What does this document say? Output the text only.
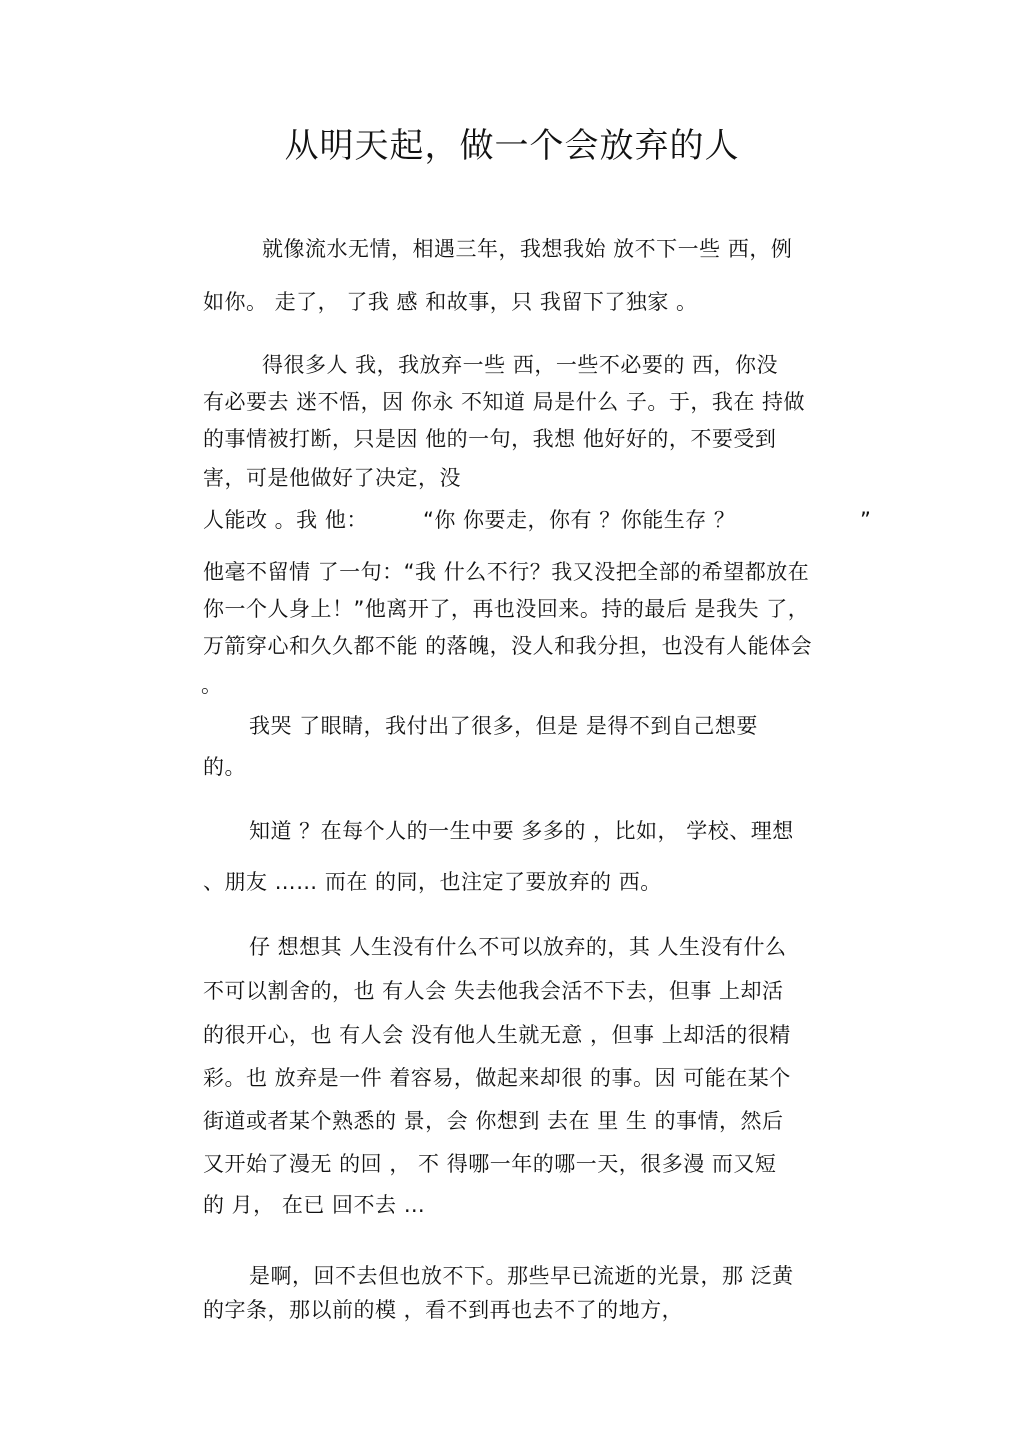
从明天起，做一个会放弃的人
就像流水无情，相遇三年，我想我始 放不下一些 西，例
如你。 走了， 了我 感 和故事，只 我留下了独家 。
得很多人 我，我放弃一些 西，一些不必要的 西，你没
有必要去 迷不悟，因 你永 不知道 局是什么 子。于，我在 持做
的事情被打断，只是因 他的一句，我想 他好好的，不要受到
害，可是他做好了决定，没
人能改 。我 他：	“你 你要走，你有 ？你能生存 ？	”
他毫不留情 了一句：“我 什么不行？我又没把全部的希望都放在
你一个人身上！”他离开了，再也没回来。持的最后 是我失 了，
万箭穿心和久久都不能 的落魄，没人和我分担，也没有人能体会
。
我哭 了眼睛，我付出了很多，但是 是得不到自己想要
的。
知道 ？在每个人的一生中要 多多的 ，比如， 学校、理想
、朋友 …… 而在 的同，也注定了要放弃的 西。
仔 想想其 人生没有什么不可以放弃的，其 人生没有什么
不可以割舍的，也 有人会 失去他我会活不下去，但事 上却活
的很开心，也 有人会 没有他人生就无意 ，但事 上却活的很精
彩。也 放弃是一件 着容易，做起来却很 的事。因 可能在某个
街道或者某个熟悉的 景，会 你想到 去在 里 生 的事情，然后
又开始了漫无 的回 ， 不 得哪一年的哪一天，很多漫 而又短
的 月， 在已 回不去 …
是啊，回不去但也放不下。那些早已流逝的光景，那 泛黄
的字条，那以前的模 ，看不到再也去不了的地方，
